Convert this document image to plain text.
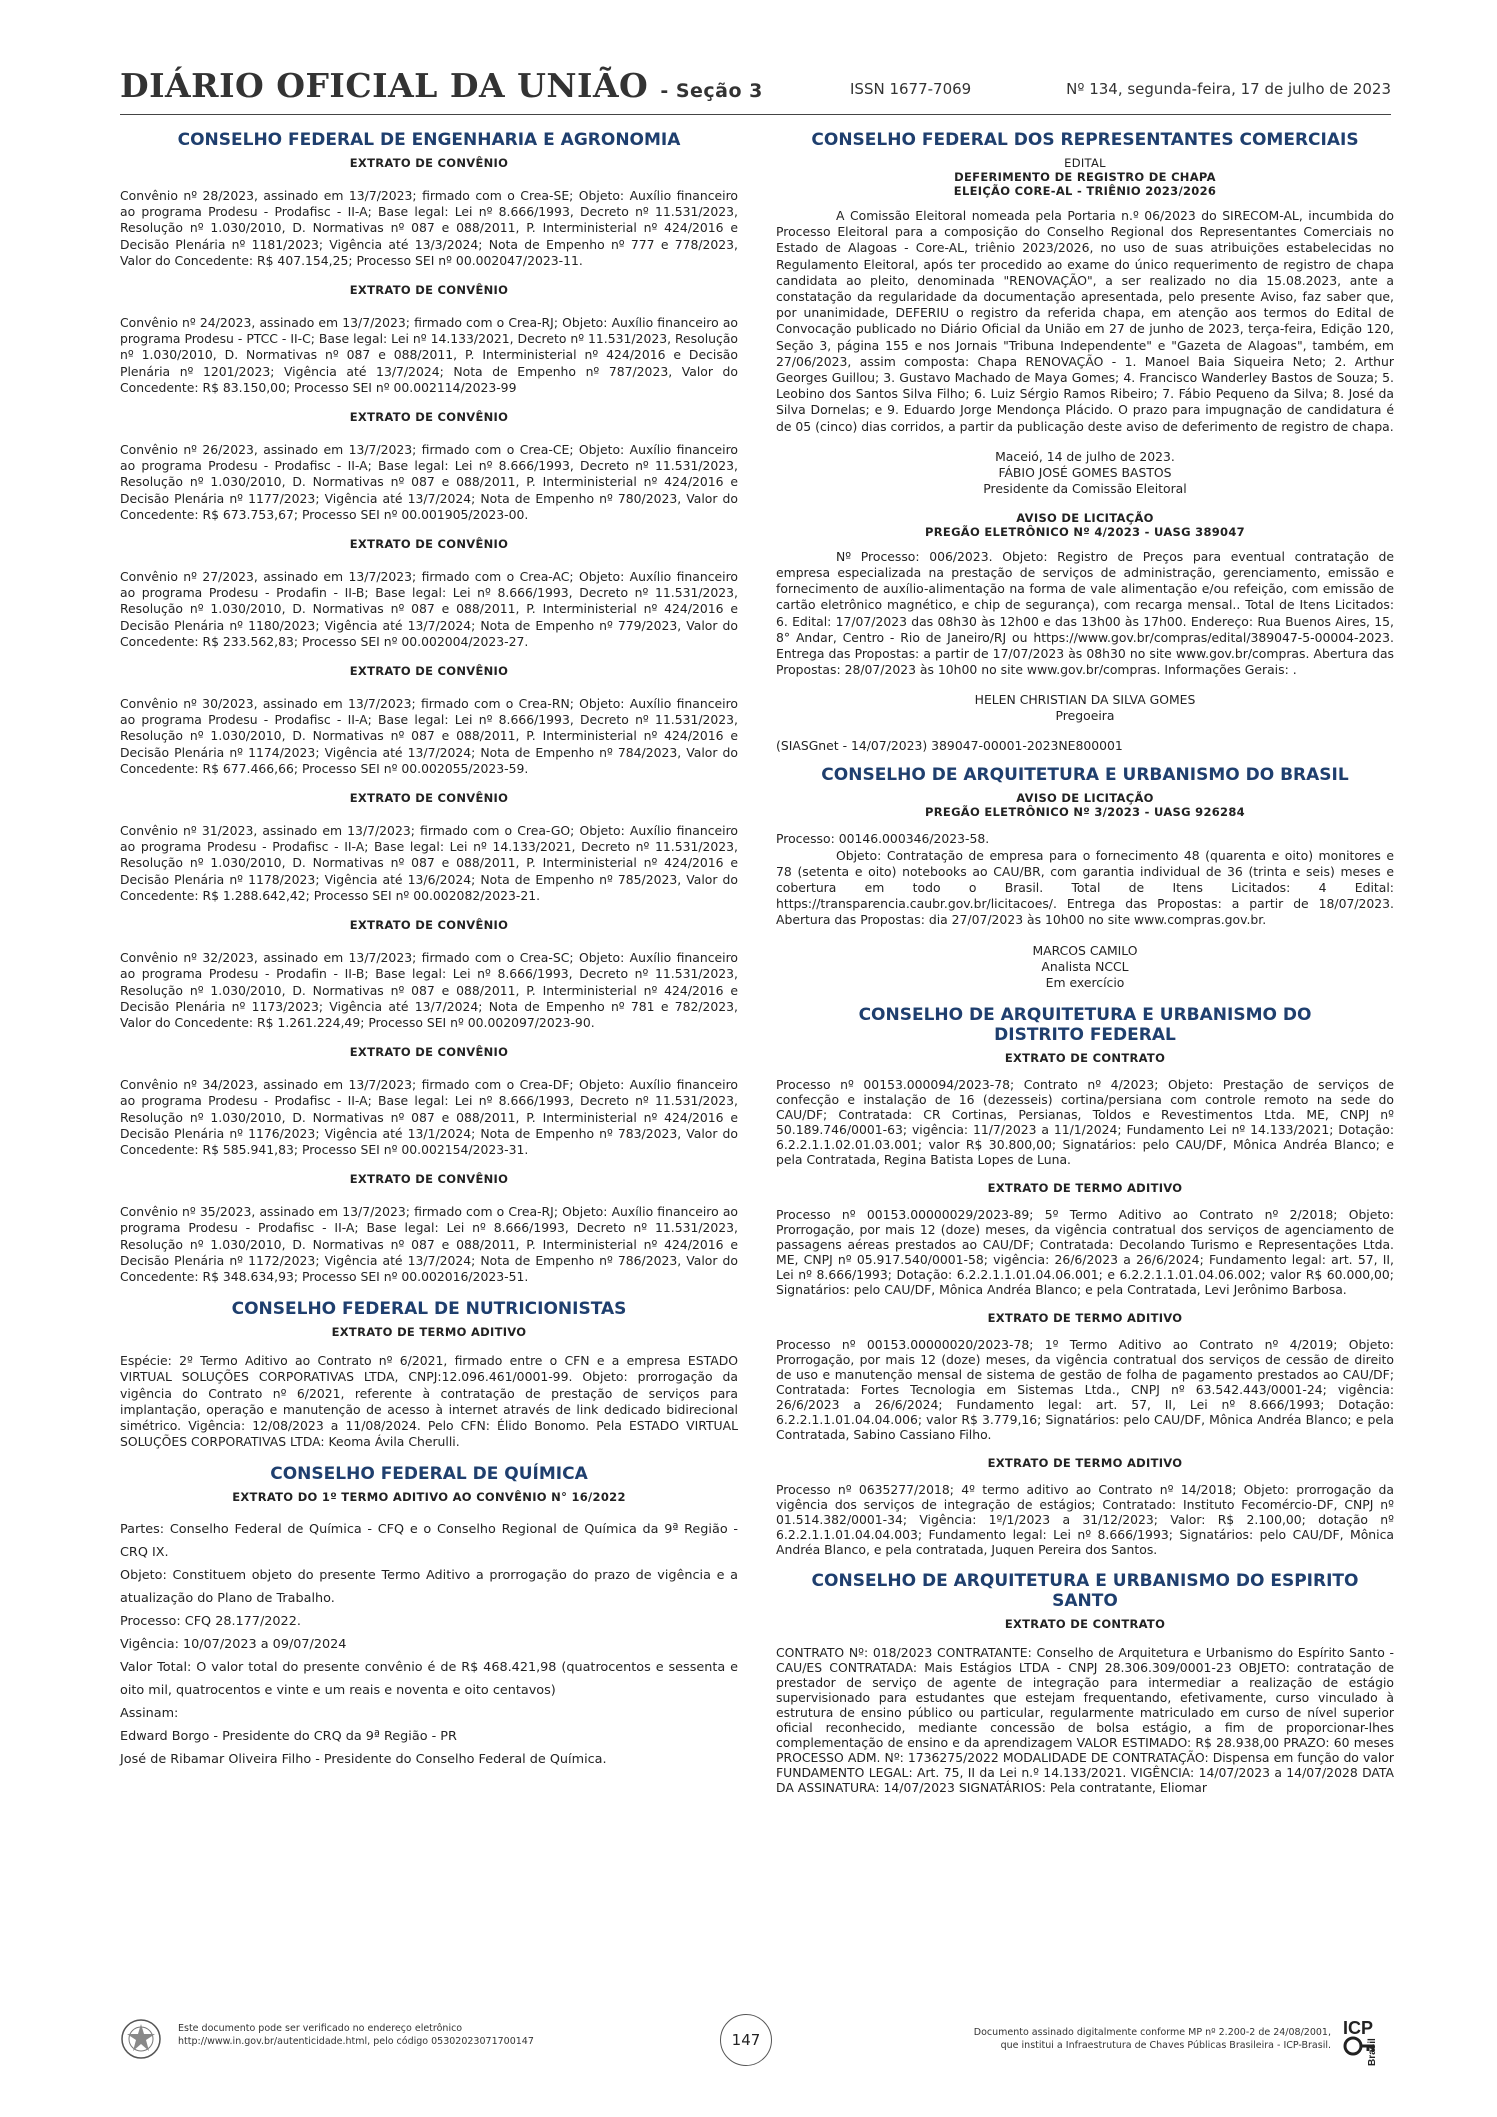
DIÁRIO OFICIAL DA UNIÃO - Seção 3	ISSN 1677-7069	Nº 134, segunda-feira, 17 de julho de 2023
CONSELHO FEDERAL DE ENGENHARIA E AGRONOMIA
EXTRATO DE CONVÊNIO
Convênio nº 28/2023, assinado em 13/7/2023; firmado com o Crea-SE; Objeto: Auxílio financeiro ao programa Prodesu - Prodafisc - II-A; Base legal: Lei nº 8.666/1993, Decreto nº 11.531/2023, Resolução nº 1.030/2010, D. Normativas nº 087 e 088/2011, P. Interministerial nº 424/2016 e Decisão Plenária nº 1181/2023; Vigência até 13/3/2024; Nota de Empenho nº 777 e 778/2023, Valor do Concedente: R$ 407.154,25; Processo SEI nº 00.002047/2023-11.
EXTRATO DE CONVÊNIO
Convênio nº 24/2023, assinado em 13/7/2023; firmado com o Crea-RJ; Objeto: Auxílio financeiro ao programa Prodesu - PTCC - II-C; Base legal: Lei nº 14.133/2021, Decreto nº 11.531/2023, Resolução nº 1.030/2010, D. Normativas nº 087 e 088/2011, P. Interministerial nº 424/2016 e Decisão Plenária nº 1201/2023; Vigência até 13/7/2024; Nota de Empenho nº 787/2023, Valor do Concedente: R$ 83.150,00; Processo SEI nº 00.002114/2023-99
EXTRATO DE CONVÊNIO
Convênio nº 26/2023, assinado em 13/7/2023; firmado com o Crea-CE; Objeto: Auxílio financeiro ao programa Prodesu - Prodafisc - II-A; Base legal: Lei nº 8.666/1993, Decreto nº 11.531/2023, Resolução nº 1.030/2010, D. Normativas nº 087 e 088/2011, P. Interministerial nº 424/2016 e Decisão Plenária nº 1177/2023; Vigência até 13/7/2024; Nota de Empenho nº 780/2023, Valor do Concedente: R$ 673.753,67; Processo SEI nº 00.001905/2023-00.
EXTRATO DE CONVÊNIO
Convênio nº 27/2023, assinado em 13/7/2023; firmado com o Crea-AC; Objeto: Auxílio financeiro ao programa Prodesu - Prodafin - II-B; Base legal: Lei nº 8.666/1993, Decreto nº 11.531/2023, Resolução nº 1.030/2010, D. Normativas nº 087 e 088/2011, P. Interministerial nº 424/2016 e Decisão Plenária nº 1180/2023; Vigência até 13/7/2024; Nota de Empenho nº 779/2023, Valor do Concedente: R$ 233.562,83; Processo SEI nº 00.002004/2023-27.
EXTRATO DE CONVÊNIO
Convênio nº 30/2023, assinado em 13/7/2023; firmado com o Crea-RN; Objeto: Auxílio financeiro ao programa Prodesu - Prodafisc - II-A; Base legal: Lei nº 8.666/1993, Decreto nº 11.531/2023, Resolução nº 1.030/2010, D. Normativas nº 087 e 088/2011, P. Interministerial nº 424/2016 e Decisão Plenária nº 1174/2023; Vigência até 13/7/2024; Nota de Empenho nº 784/2023, Valor do Concedente: R$ 677.466,66; Processo SEI nº 00.002055/2023-59.
EXTRATO DE CONVÊNIO
Convênio nº 31/2023, assinado em 13/7/2023; firmado com o Crea-GO; Objeto: Auxílio financeiro ao programa Prodesu - Prodafisc - II-A; Base legal: Lei nº 14.133/2021, Decreto nº 11.531/2023, Resolução nº 1.030/2010, D. Normativas nº 087 e 088/2011, P. Interministerial nº 424/2016 e Decisão Plenária nº 1178/2023; Vigência até 13/6/2024; Nota de Empenho nº 785/2023, Valor do Concedente: R$ 1.288.642,42; Processo SEI nº 00.002082/2023-21.
EXTRATO DE CONVÊNIO
Convênio nº 32/2023, assinado em 13/7/2023; firmado com o Crea-SC; Objeto: Auxílio financeiro ao programa Prodesu - Prodafin - II-B; Base legal: Lei nº 8.666/1993, Decreto nº 11.531/2023, Resolução nº 1.030/2010, D. Normativas nº 087 e 088/2011, P. Interministerial nº 424/2016 e Decisão Plenária nº 1173/2023; Vigência até 13/7/2024; Nota de Empenho nº 781 e 782/2023, Valor do Concedente: R$ 1.261.224,49; Processo SEI nº 00.002097/2023-90.
EXTRATO DE CONVÊNIO
Convênio nº 34/2023, assinado em 13/7/2023; firmado com o Crea-DF; Objeto: Auxílio financeiro ao programa Prodesu - Prodafisc - II-A; Base legal: Lei nº 8.666/1993, Decreto nº 11.531/2023, Resolução nº 1.030/2010, D. Normativas nº 087 e 088/2011, P. Interministerial nº 424/2016 e Decisão Plenária nº 1176/2023; Vigência até 13/1/2024; Nota de Empenho nº 783/2023, Valor do Concedente: R$ 585.941,83; Processo SEI nº 00.002154/2023-31.
EXTRATO DE CONVÊNIO
Convênio nº 35/2023, assinado em 13/7/2023; firmado com o Crea-RJ; Objeto: Auxílio financeiro ao programa Prodesu - Prodafisc - II-A; Base legal: Lei nº 8.666/1993, Decreto nº 11.531/2023, Resolução nº 1.030/2010, D. Normativas nº 087 e 088/2011, P. Interministerial nº 424/2016 e Decisão Plenária nº 1172/2023; Vigência até 13/7/2024; Nota de Empenho nº 786/2023, Valor do Concedente: R$ 348.634,93; Processo SEI nº 00.002016/2023-51.
CONSELHO FEDERAL DE NUTRICIONISTAS
EXTRATO DE TERMO ADITIVO
Espécie: 2º Termo Aditivo ao Contrato nº 6/2021, firmado entre o CFN e a empresa ESTADO VIRTUAL SOLUÇÕES CORPORATIVAS LTDA, CNPJ:12.096.461/0001-99. Objeto: prorrogação da vigência do Contrato nº 6/2021, referente à contratação de prestação de serviços para implantação, operação e manutenção de acesso à internet através de link dedicado bidirecional simétrico. Vigência: 12/08/2023 a 11/08/2024. Pelo CFN: Élido Bonomo. Pela ESTADO VIRTUAL SOLUÇÕES CORPORATIVAS LTDA: Keoma Ávila Cherulli.
CONSELHO FEDERAL DE QUÍMICA
EXTRATO DO 1º TERMO ADITIVO AO CONVÊNIO N° 16/2022
Partes: Conselho Federal de Química - CFQ e o Conselho Regional de Química da 9ª Região - CRQ IX.
Objeto: Constituem objeto do presente Termo Aditivo a prorrogação do prazo de vigência e a atualização do Plano de Trabalho.
Processo: CFQ 28.177/2022.
Vigência: 10/07/2023 a 09/07/2024
Valor Total: O valor total do presente convênio é de R$ 468.421,98 (quatrocentos e sessenta e oito mil, quatrocentos e vinte e um reais e noventa e oito centavos)
Assinam:
Edward Borgo - Presidente do CRQ da 9ª Região - PR
José de Ribamar Oliveira Filho - Presidente do Conselho Federal de Química.
CONSELHO FEDERAL DOS REPRESENTANTES COMERCIAIS
EDITAL
DEFERIMENTO DE REGISTRO DE CHAPA
ELEIÇÃO CORE-AL - TRIÊNIO 2023/2026
A Comissão Eleitoral nomeada pela Portaria n.º 06/2023 do SIRECOM-AL, incumbida do Processo Eleitoral para a composição do Conselho Regional dos Representantes Comerciais no Estado de Alagoas - Core-AL, triênio 2023/2026, no uso de suas atribuições estabelecidas no Regulamento Eleitoral, após ter procedido ao exame do único requerimento de registro de chapa candidata ao pleito, denominada "RENOVAÇÃO", a ser realizado no dia 15.08.2023, ante a constatação da regularidade da documentação apresentada, pelo presente Aviso, faz saber que, por unanimidade, DEFERIU o registro da referida chapa, em atenção aos termos do Edital de Convocação publicado no Diário Oficial da União em 27 de junho de 2023, terça-feira, Edição 120, Seção 3, página 155 e nos Jornais "Tribuna Independente" e "Gazeta de Alagoas", também, em 27/06/2023, assim composta: Chapa RENOVAÇÃO - 1. Manoel Baia Siqueira Neto; 2. Arthur Georges Guillou; 3. Gustavo Machado de Maya Gomes; 4. Francisco Wanderley Bastos de Souza; 5. Leobino dos Santos Silva Filho; 6. Luiz Sérgio Ramos Ribeiro; 7. Fábio Pequeno da Silva; 8. José da Silva Dornelas; e 9. Eduardo Jorge Mendonça Plácido. O prazo para impugnação de candidatura é de 05 (cinco) dias corridos, a partir da publicação deste aviso de deferimento de registro de chapa.
Maceió, 14 de julho de 2023.
FÁBIO JOSÉ GOMES BASTOS
Presidente da Comissão Eleitoral
AVISO DE LICITAÇÃO
PREGÃO ELETRÔNICO Nº 4/2023 - UASG 389047
Nº Processo: 006/2023. Objeto: Registro de Preços para eventual contratação de empresa especializada na prestação de serviços de administração, gerenciamento, emissão e fornecimento de auxílio-alimentação na forma de vale alimentação e/ou refeição, com emissão de cartão eletrônico magnético, e chip de segurança), com recarga mensal.. Total de Itens Licitados: 6. Edital: 17/07/2023 das 08h30 às 12h00 e das 13h00 às 17h00. Endereço: Rua Buenos Aires, 15, 8° Andar, Centro - Rio de Janeiro/RJ ou https://www.gov.br/compras/edital/389047-5-00004-2023. Entrega das Propostas: a partir de 17/07/2023 às 08h30 no site www.gov.br/compras. Abertura das Propostas: 28/07/2023 às 10h00 no site www.gov.br/compras. Informações Gerais: .
HELEN CHRISTIAN DA SILVA GOMES
Pregoeira
(SIASGnet - 14/07/2023) 389047-00001-2023NE800001
CONSELHO DE ARQUITETURA E URBANISMO DO BRASIL
AVISO DE LICITAÇÃO
PREGÃO ELETRÔNICO Nº 3/2023 - UASG 926284
Processo: 00146.000346/2023-58.
Objeto: Contratação de empresa para o fornecimento 48 (quarenta e oito) monitores e 78 (setenta e oito) notebooks ao CAU/BR, com garantia individual de 36 (trinta e seis) meses e cobertura em todo o Brasil. Total de Itens Licitados: 4 Edital: https://transparencia.caubr.gov.br/licitacoes/. Entrega das Propostas: a partir de 18/07/2023. Abertura das Propostas: dia 27/07/2023 às 10h00 no site www.compras.gov.br.
MARCOS CAMILO
Analista NCCL
Em exercício
CONSELHO DE ARQUITETURA E URBANISMO DO DISTRITO FEDERAL
EXTRATO DE CONTRATO
Processo nº 00153.000094/2023-78; Contrato nº 4/2023; Objeto: Prestação de serviços de confecção e instalação de 16 (dezesseis) cortina/persiana com controle remoto na sede do CAU/DF; Contratada: CR Cortinas, Persianas, Toldos e Revestimentos Ltda. ME, CNPJ nº 50.189.746/0001-63; vigência: 11/7/2023 a 11/1/2024; Fundamento Lei nº 14.133/2021; Dotação: 6.2.2.1.1.02.01.03.001; valor R$ 30.800,00; Signatários: pelo CAU/DF, Mônica Andréa Blanco; e pela Contratada, Regina Batista Lopes de Luna.
EXTRATO DE TERMO ADITIVO
Processo nº 00153.00000029/2023-89; 5º Termo Aditivo ao Contrato nº 2/2018; Objeto: Prorrogação, por mais 12 (doze) meses, da vigência contratual dos serviços de agenciamento de passagens aéreas prestados ao CAU/DF; Contratada: Decolando Turismo e Representações Ltda. ME, CNPJ nº 05.917.540/0001-58; vigência: 26/6/2023 a 26/6/2024; Fundamento legal: art. 57, II, Lei nº 8.666/1993; Dotação: 6.2.2.1.1.01.04.06.001; e 6.2.2.1.1.01.04.06.002; valor R$ 60.000,00; Signatários: pelo CAU/DF, Mônica Andréa Blanco; e pela Contratada, Levi Jerônimo Barbosa.
EXTRATO DE TERMO ADITIVO
Processo nº 00153.00000020/2023-78; 1º Termo Aditivo ao Contrato nº 4/2019; Objeto: Prorrogação, por mais 12 (doze) meses, da vigência contratual dos serviços de cessão de direito de uso e manutenção mensal de sistema de gestão de folha de pagamento prestados ao CAU/DF; Contratada: Fortes Tecnologia em Sistemas Ltda., CNPJ nº 63.542.443/0001-24; vigência: 26/6/2023 a 26/6/2024; Fundamento legal: art. 57, II, Lei nº 8.666/1993; Dotação: 6.2.2.1.1.01.04.04.006; valor R$ 3.779,16; Signatários: pelo CAU/DF, Mônica Andréa Blanco; e pela Contratada, Sabino Cassiano Filho.
EXTRATO DE TERMO ADITIVO
Processo nº 0635277/2018; 4º termo aditivo ao Contrato nº 14/2018; Objeto: prorrogação da vigência dos serviços de integração de estágios; Contratado: Instituto Fecomércio-DF, CNPJ nº 01.514.382/0001-34; Vigência: 1º/1/2023 a 31/12/2023; Valor: R$ 2.100,00; dotação nº 6.2.2.1.1.01.04.04.003; Fundamento legal: Lei nº 8.666/1993; Signatários: pelo CAU/DF, Mônica Andréa Blanco, e pela contratada, Juquen Pereira dos Santos.
CONSELHO DE ARQUITETURA E URBANISMO DO ESPIRITO SANTO
EXTRATO DE CONTRATO
CONTRATO Nº: 018/2023 CONTRATANTE: Conselho de Arquitetura e Urbanismo do Espírito Santo - CAU/ES CONTRATADA: Mais Estágios LTDA - CNPJ 28.306.309/0001-23 OBJETO: contratação de prestador de serviço de agente de integração para intermediar a realização de estágio supervisionado para estudantes que estejam frequentando, efetivamente, curso vinculado à estrutura de ensino público ou particular, regularmente matriculado em curso de nível superior oficial reconhecido, mediante concessão de bolsa estágio, a fim de proporcionar-lhes complementação de ensino e da aprendizagem VALOR ESTIMADO: R$ 28.938,00 PRAZO: 60 meses PROCESSO ADM. Nº: 1736275/2022 MODALIDADE DE CONTRATAÇÃO: Dispensa em função do valor FUNDAMENTO LEGAL: Art. 75, II da Lei n.º 14.133/2021. VIGÊNCIA: 14/07/2023 a 14/07/2028 DATA DA ASSINATURA: 14/07/2023 SIGNATÁRIOS: Pela contratante, Eliomar
Este documento pode ser verificado no endereço eletrônico
http://www.in.gov.br/autenticidade.html, pelo código 05302023071700147	147	Documento assinado digitalmente conforme MP nº 2.200-2 de 24/08/2001,
que institui a Infraestrutura de Chaves Públicas Brasileira - ICP-Brasil.
ICP
Brasil
